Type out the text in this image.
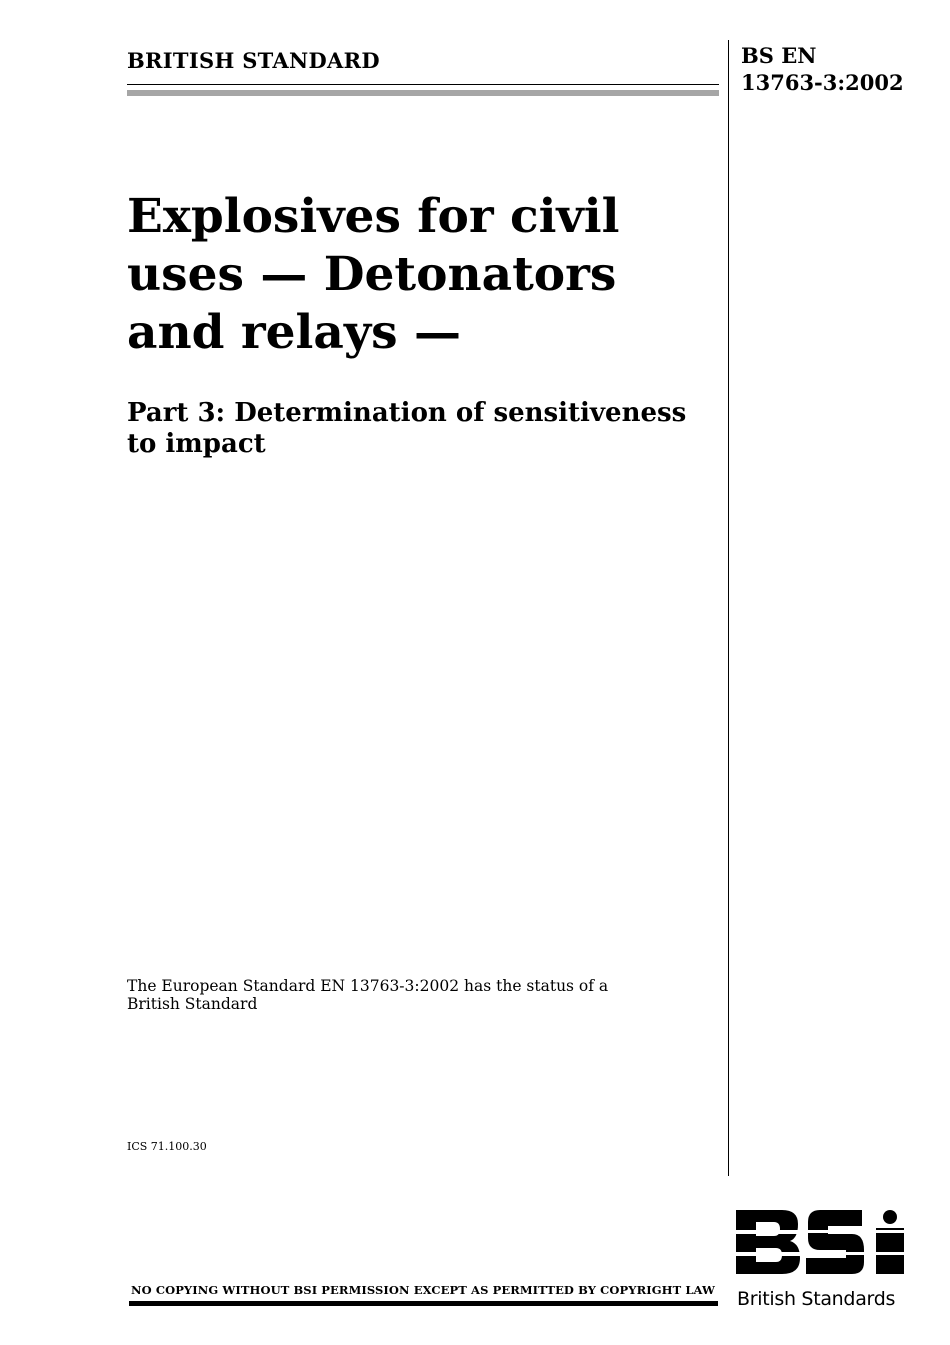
BRITISH STANDARD	BS EN
13763-3:2002
Explosives for civil
uses — Detonators
and relays —
Part 3: Determination of sensitiveness
to impact
The European Standard EN 13763-3:2002 has the status of a
British Standard
ICS 71.100.30
NO COPYING WITHOUT BSI PERMISSION EXCEPT AS PERMITTED BY COPYRIGHT LAW British Standards
